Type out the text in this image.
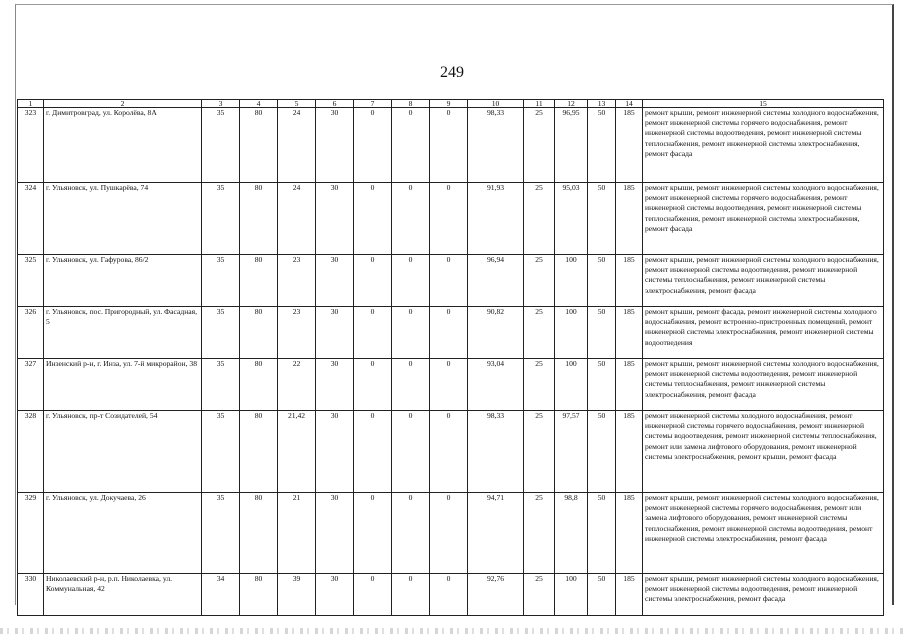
249
1	2	3	4	5	6	7	8	9	10	11	12	13	14	15
323	г. Димитровград, ул. Королёва, 8А	35	80	24	30	0	0	0	98,33	25	96,95	50	185	ремонт крыши, ремонт инженерной системы холодного водоснабжения, ремонт инженерной системы горячего водоснабжения, ремонт инженерной системы водоотведения, ремонт инженерной системы теплоснабжения, ремонт инженерной системы электроснабжения, ремонт фасада
324	г. Ульяновск, ул. Пушкарёва, 74	35	80	24	30	0	0	0	91,93	25	95,03	50	185	ремонт крыши, ремонт инженерной системы холодного водоснабжения, ремонт инженерной системы горячего водоснабжения, ремонт инженерной системы водоотведения, ремонт инженерной системы теплоснабжения, ремонт инженерной системы электроснабжения, ремонт фасада
325	г. Ульяновск, ул. Гафурова, 86/2	35	80	23	30	0	0	0	96,94	25	100	50	185	ремонт крыши, ремонт инженерной системы холодного водоснабжения, ремонт инженерной системы водоотведения, ремонт инженерной системы теплоснабжения, ремонт инженерной системы электроснабжения, ремонт фасада
326	г. Ульяновск, пос. Пригородный, ул. Фасадная, 5	35	80	23	30	0	0	0	90,82	25	100	50	185	ремонт крыши, ремонт фасада, ремонт инженерной системы холодного водоснабжения, ремонт встроенно-пристроенных помещений, ремонт инженерной системы электроснабжения, ремонт инженерной системы водоотведения
327	Инзенский р-н, г. Инза, ул. 7-й микрорайон, 38	35	80	22	30	0	0	0	93,04	25	100	50	185	ремонт крыши, ремонт инженерной системы холодного водоснабжения, ремонт инженерной системы водоотведения, ремонт инженерной системы теплоснабжения, ремонт инженерной системы электроснабжения, ремонт фасада
328	г. Ульяновск, пр-т Созидателей, 54	35	80	21,42	30	0	0	0	98,33	25	97,57	50	185	ремонт инженерной системы холодного водоснабжения, ремонт инженерной системы горячего водоснабжения, ремонт инженерной системы водоотведения, ремонт инженерной системы теплоснабжения, ремонт или замена лифтового оборудования, ремонт инженерной системы электроснабжения, ремонт крыши, ремонт фасада
329	г. Ульяновск, ул. Докучаева, 26	35	80	21	30	0	0	0	94,71	25	98,8	50	185	ремонт крыши, ремонт инженерной системы холодного водоснабжения, ремонт инженерной системы горячего водоснабжения, ремонт или замена лифтового оборудования, ремонт инженерной системы теплоснабжения, ремонт инженерной системы водоотведения, ремонт инженерной системы электроснабжения, ремонт фасада
330	Николаевский р-н, р.п. Николаевка, ул. Коммунальная, 42	34	80	39	30	0	0	0	92,76	25	100	50	185	ремонт крыши, ремонт инженерной системы холодного водоснабжения, ремонт инженерной системы водоотведения, ремонт инженерной системы электроснабжения, ремонт фасада
